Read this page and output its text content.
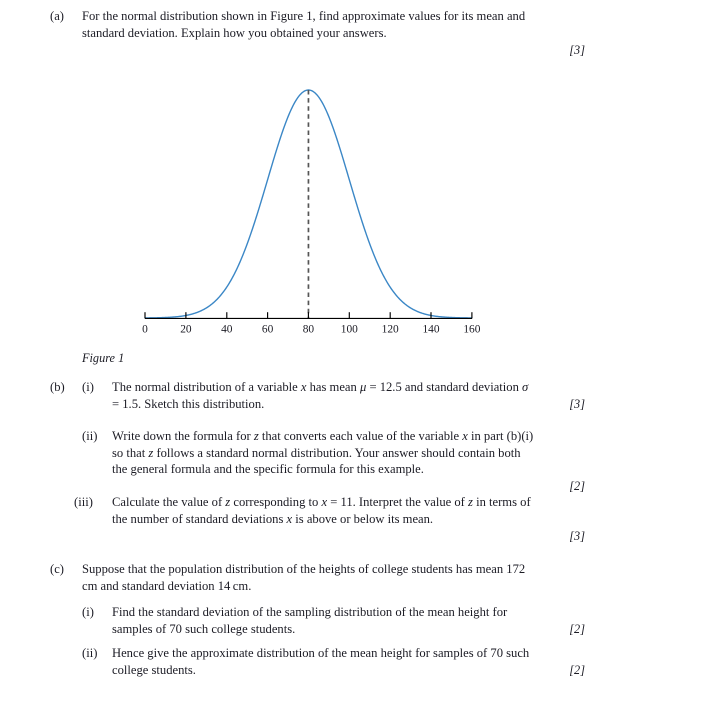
(a)	For the normal distribution shown in Figure 1, find approximate values for its mean and standard deviation. Explain how you obtained your answers.
[3]
0	20	40	60	80 100 120 140 160
Figure 1
(b)	(i)	The normal distribution of a variable x has mean μ = 12.5 and standard deviation σ = 1.5. Sketch this distribution.	[3]
(ii)	Write down the formula for z that converts each value of the variable x in part (b)(i) so that z follows a standard normal distribution. Your answer should contain both the general formula and the specific formula for this example.
[2]
(iii)	Calculate the value of z corresponding to x = 11. Interpret the value of z in terms of the number of standard deviations x is above or below its mean.
[3]
(c)	Suppose that the population distribution of the heights of college students has mean 172 cm and standard deviation 14 cm.
(i)	Find the standard deviation of the sampling distribution of the mean height for samples of 70 such college students.	[2]
(ii)	Hence give the approximate distribution of the mean height for samples of 70 such college students.	[2]
